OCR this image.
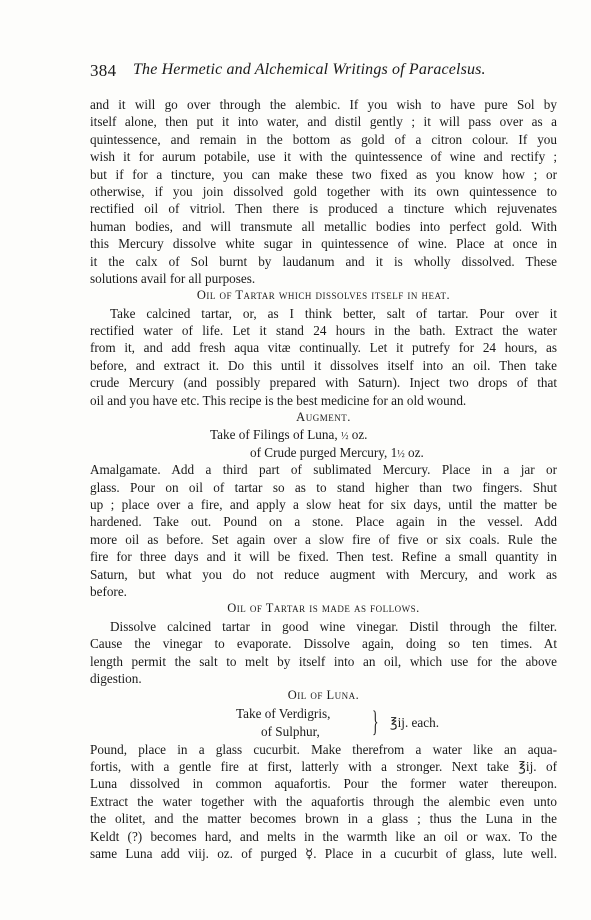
384 The Hermetic and Alchemical Writings of Paracelsus.
and it will go over through the alembic. If you wish to have pure Sol by
itself alone, then put it into water, and distil gently ; it will pass over as a
quintessence, and remain in the bottom as gold of a citron colour. If you
wish it for aurum potabile, use it with the quintessence of wine and rectify ;
but if for a tincture, you can make these two fixed as you know how ; or
otherwise, if you join dissolved gold together with its own quintessence to
rectified oil of vitriol. Then there is produced a tincture which rejuvenates
human bodies, and will transmute all metallic bodies into perfect gold. With
this Mercury dissolve white sugar in quintessence of wine. Place at once in
it the calx of Sol burnt by laudanum and it is wholly dissolved. These
solutions avail for all purposes.
Oil of Tartar which dissolves itself in heat.
Take calcined tartar, or, as I think better, salt of tartar. Pour over it
rectified water of life. Let it stand 24 hours in the bath. Extract the water
from it, and add fresh aqua vitæ continually. Let it putrefy for 24 hours, as
before, and extract it. Do this until it dissolves itself into an oil. Then take
crude Mercury (and possibly prepared with Saturn). Inject two drops of that
oil and you have etc. This recipe is the best medicine for an old wound.
Augment.
Take of Filings of Luna, ½ oz.
of Crude purged Mercury, 1½ oz.
Amalgamate. Add a third part of sublimated Mercury. Place in a jar or
glass. Pour on oil of tartar so as to stand higher than two fingers. Shut
up ; place over a fire, and apply a slow heat for six days, until the matter be
hardened. Take out. Pound on a stone. Place again in the vessel. Add
more oil as before. Set again over a slow fire of five or six coals. Rule the
fire for three days and it will be fixed. Then test. Refine a small quantity in
Saturn, but what you do not reduce augment with Mercury, and work as
before.
Oil of Tartar is made as follows.
Dissolve calcined tartar in good wine vinegar. Distil through the filter.
Cause the vinegar to evaporate. Dissolve again, doing so ten times. At
length permit the salt to melt by itself into an oil, which use for the above
digestion.
Oil of Luna.
Take of Verdigris,
of Sulphur, } ℥ij. each.
Pound, place in a glass cucurbit. Make therefrom a water like an aqua-
fortis, with a gentle fire at first, latterly with a stronger. Next take ℥ij. of
Luna dissolved in common aquafortis. Pour the former water thereupon.
Extract the water together with the aquafortis through the alembic even unto
the olitet, and the matter becomes brown in a glass ; thus the Luna in the
Keldt (?) becomes hard, and melts in the warmth like an oil or wax. To the
same Luna add viij. oz. of purged ☿. Place in a cucurbit of glass, lute well.
